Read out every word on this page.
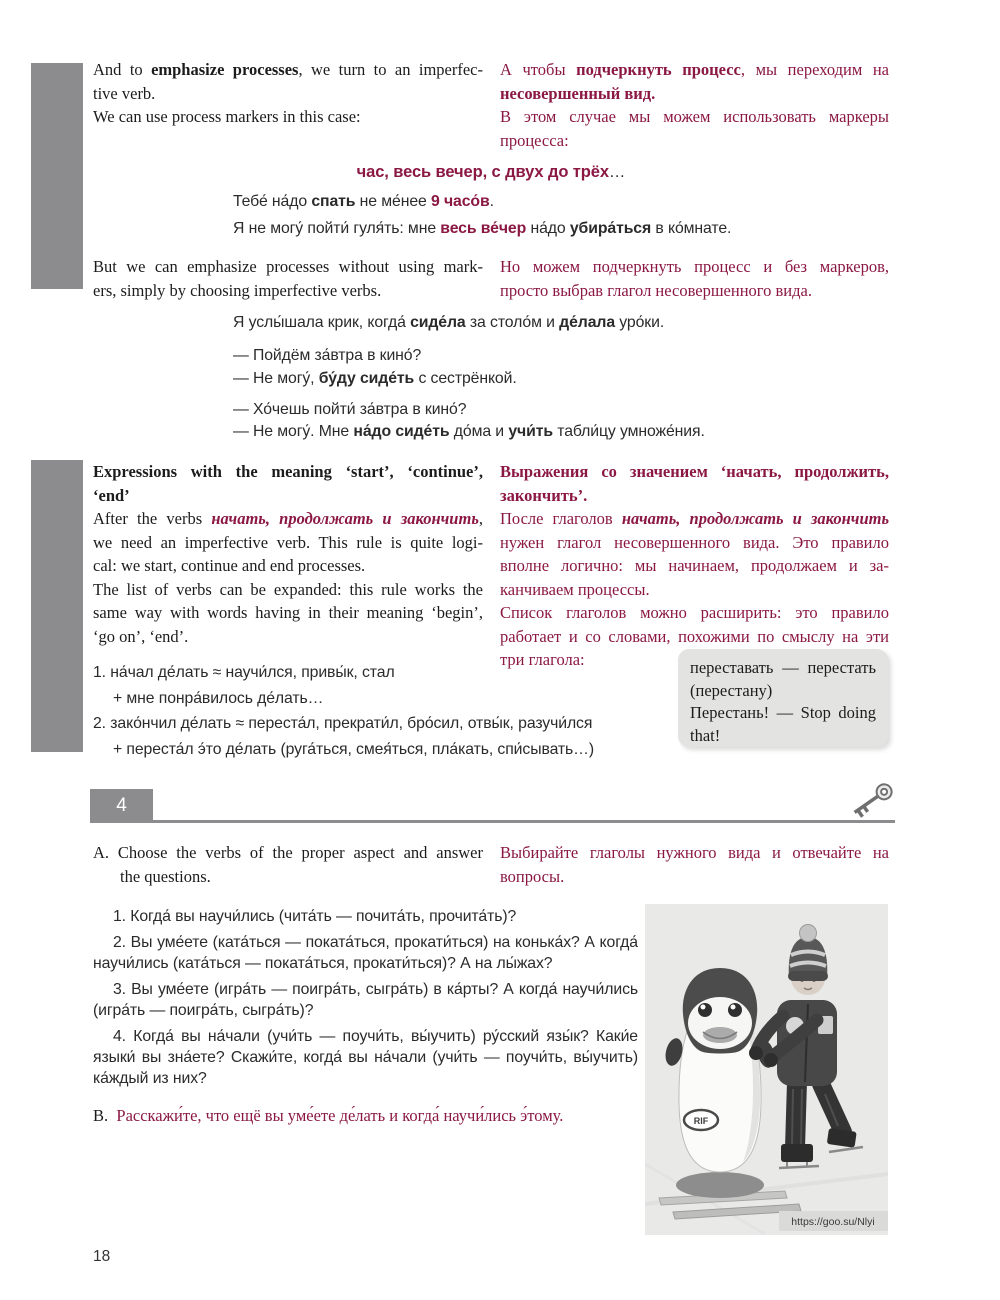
And to emphasize processes, we turn to an imperfec-
tive verb.
We can use process markers in this case:
А чтобы подчеркнуть процесс, мы переходим на
несовершенный вид.
В этом случае мы можем использовать маркеры
процесса:
час, весь вечер, с двух до трёх…
Тебе́ на́до спать не ме́нее 9 часо́в.
Я не могу́ пойти́ гуля́ть: мне весь ве́чер на́до убира́ться в ко́мнате.
But we can emphasize processes without using mark-
ers, simply by choosing imperfective verbs.
Но можем подчеркнуть процесс и без маркеров,
просто выбрав глагол несовершенного вида.
Я услы́шала крик, когда́ сиде́ла за столо́м и де́лала уро́ки.
— Пойдём за́втра в кино́?
— Не могу́, бу́ду сиде́ть с сестрёнкой.
— Хо́чешь пойти́ за́втра в кино́?
— Не могу́. Мне на́до сиде́ть до́ма и учи́ть табли́цу умноже́ния.
Expressions with the meaning ‘start’, ‘continue’,
‘end’
After the verbs начать, продолжать и закончить,
we need an imperfective verb. This rule is quite logi-
cal: we start, continue and end processes.
The list of verbs can be expanded: this rule works the
same way with words having in their meaning ‘begin’,
‘go on’, ‘end’.
Выражения со значением ‘начать, продолжить,
закончить’.
После глаголов начать, продолжать и закончить
нужен глагол несовершенного вида. Это правило
вполне логично: мы начинаем, продолжаем и за-
канчиваем процессы.
Список глаголов можно расширить: это правило
работает и со словами, похожими по смыслу на эти
три глагола:
1. на́чал де́лать ≈ научи́лся, привы́к, стал
+ мне понра́вилось де́лать…
2. зако́нчил де́лать ≈ переста́л, прекрати́л, бро́сил, отвы́к, разучи́лся
+ переста́л э́то де́лать (руга́ться, смея́ться, пла́кать, спи́сывать…)
переставать — перестать
(перестану)
Перестань! — Stop doing
that!
4
A. Choose the verbs of the proper aspect and answer
the questions.
Выбирайте глаголы нужного вида и отвечайте на
вопросы.
1. Когда́ вы научи́лись (чита́ть — почита́ть, прочита́ть)?
2. Вы уме́ете (ката́ться — поката́ться, прокати́ться) на конька́х? А когда́
научи́лись (ката́ться — поката́ться, прокати́ться)? А на лы́жах?
3. Вы уме́ете (игра́ть — поигра́ть, сыгра́ть) в ка́рты? А когда́ научи́лись
(игра́ть — поигра́ть, сыгра́ть)?
4. Когда́ вы на́чали (учи́ть — поучи́ть, вы́учить) ру́сский язы́к? Каки́е
языки́ вы зна́ете? Скажи́те, когда́ вы на́чали (учи́ть — поучи́ть, вы́учить)
ка́ждый из них?
B.  Расскажи́те, что ещё вы уме́ете де́лать и когда́ научи́лись э́тому.	RIF
https://goo.su/Nlyi
18
